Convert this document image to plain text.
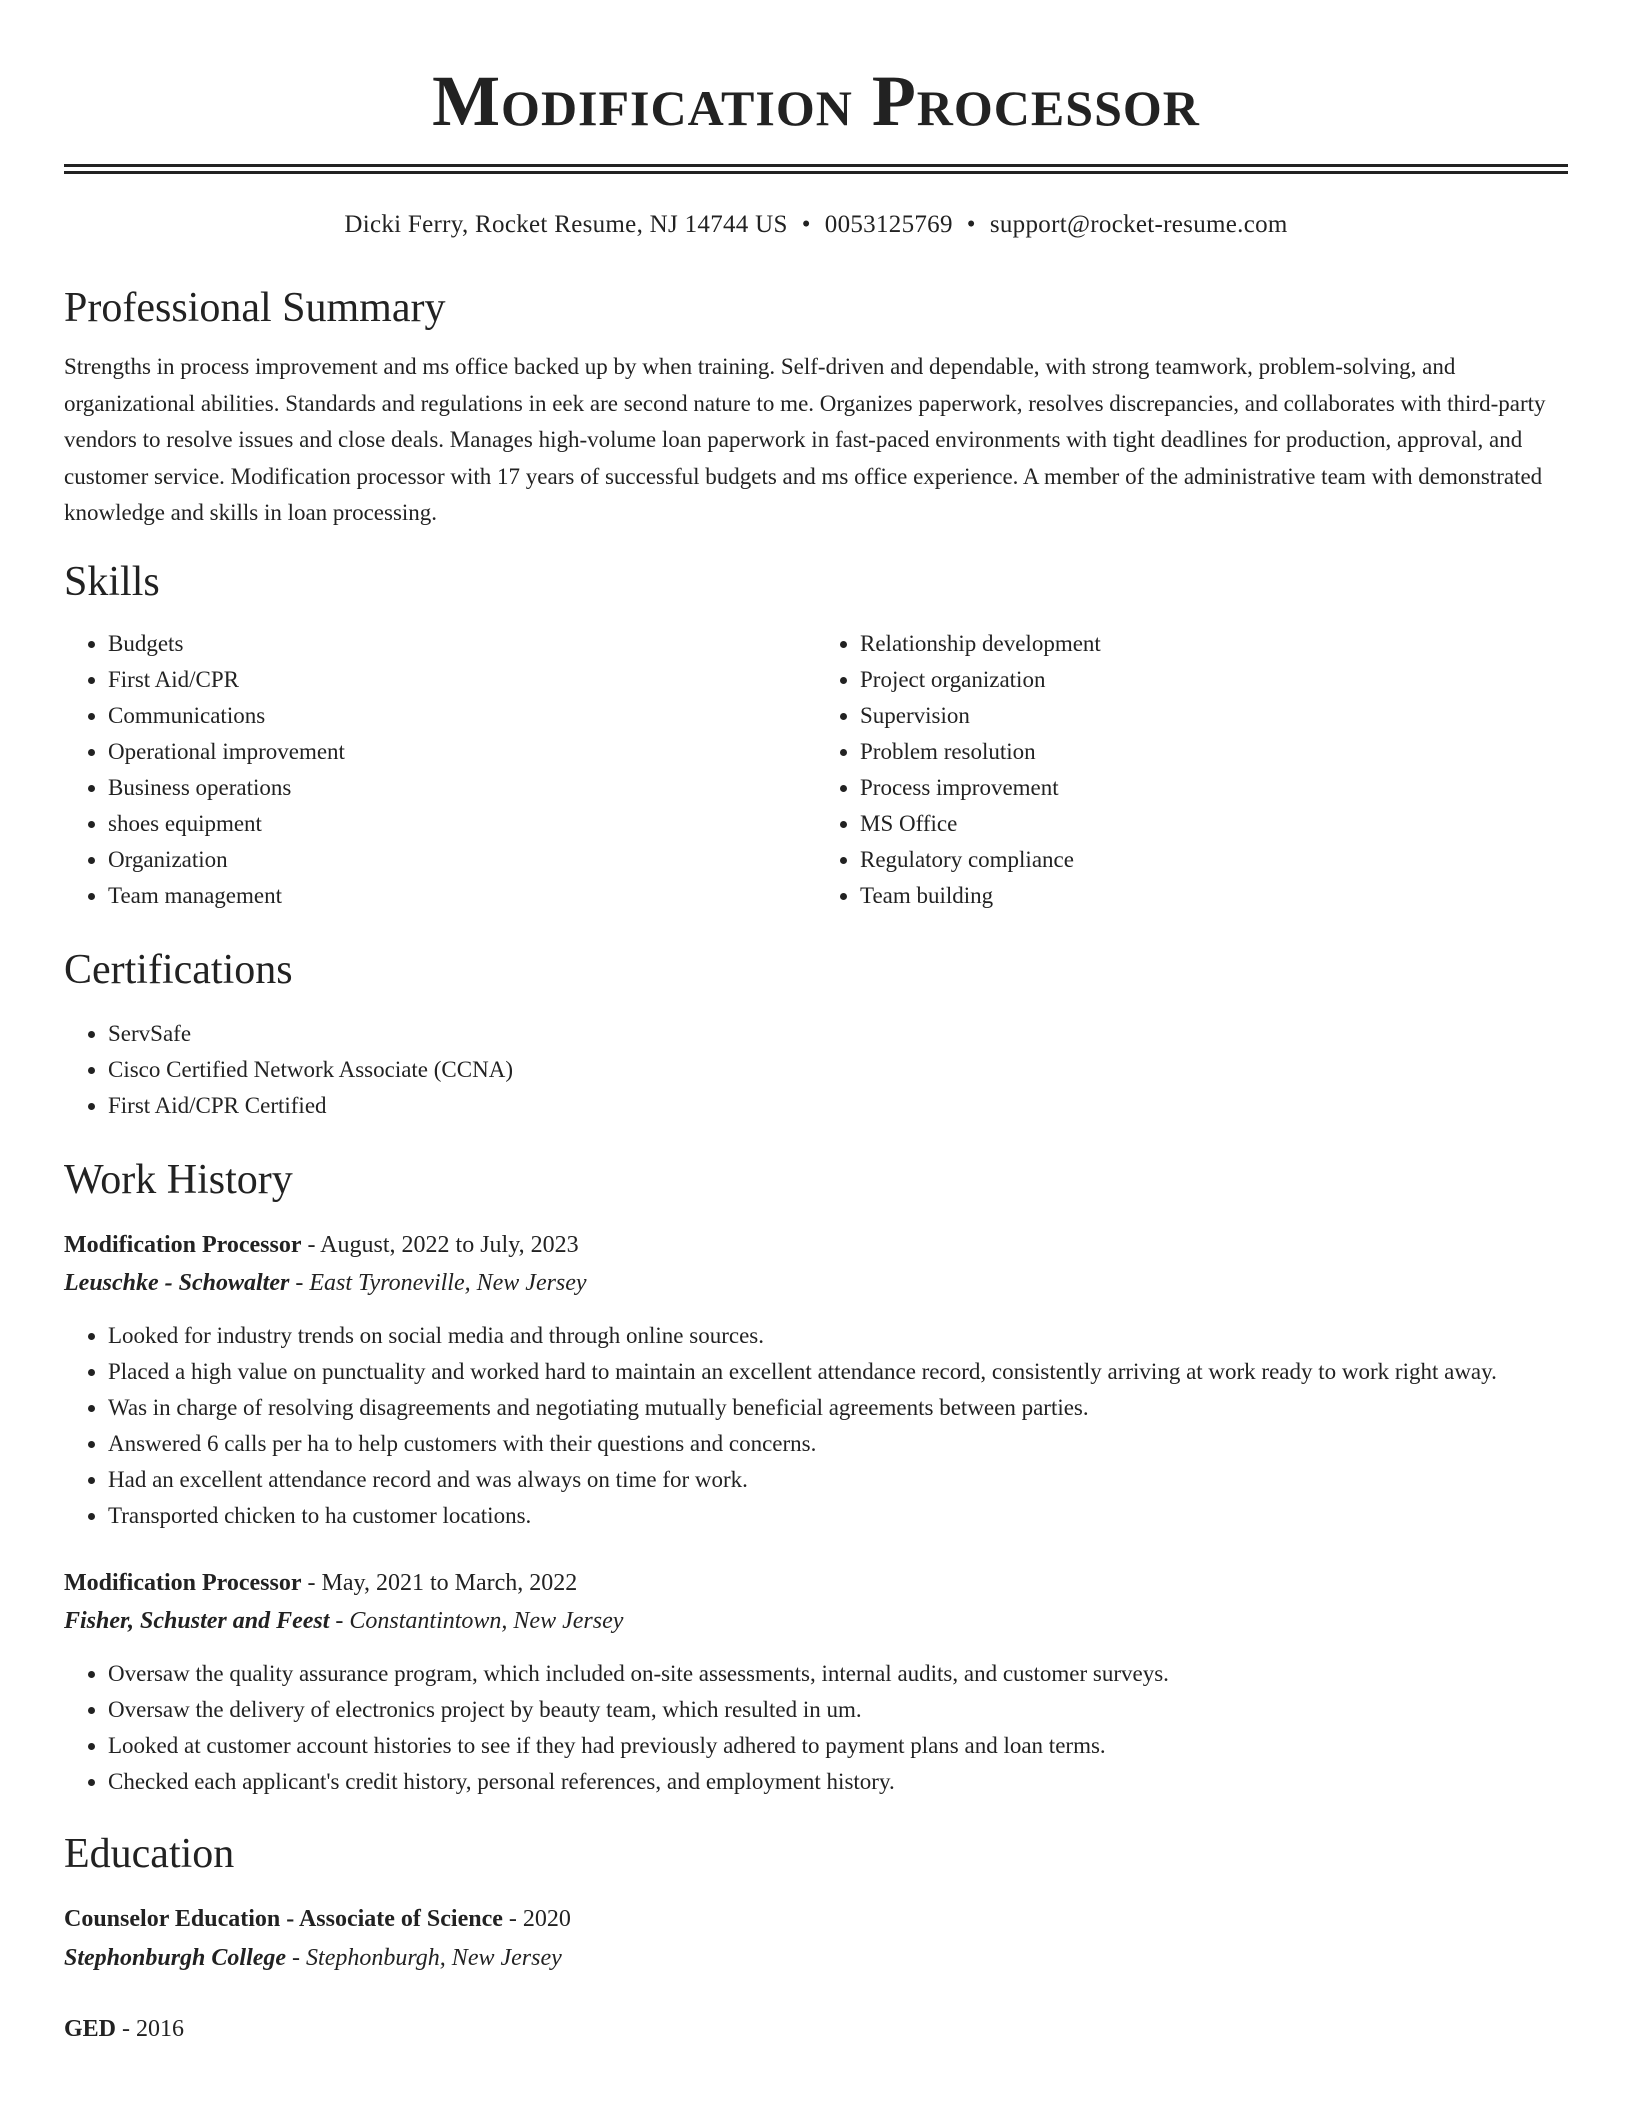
Modification Processor
Dicki Ferry, Rocket Resume, NJ 14744 US • 0053125769 • support@rocket-resume.com
Professional Summary
Strengths in process improvement and ms office backed up by when training. Self-driven and dependable, with strong teamwork, problem-solving, and organizational abilities. Standards and regulations in eek are second nature to me. Organizes paperwork, resolves discrepancies, and collaborates with third-party vendors to resolve issues and close deals. Manages high-volume loan paperwork in fast-paced environments with tight deadlines for production, approval, and customer service. Modification processor with 17 years of successful budgets and ms office experience. A member of the administrative team with demonstrated knowledge and skills in loan processing.
Skills
• Budgets
• First Aid/CPR
• Communications
• Operational improvement
• Business operations
• shoes equipment
• Organization
• Team management
• Relationship development
• Project organization
• Supervision
• Problem resolution
• Process improvement
• MS Office
• Regulatory compliance
• Team building
Certifications
• ServSafe
• Cisco Certified Network Associate (CCNA)
• First Aid/CPR Certified
Work History
Modification Processor - August, 2022 to July, 2023
Leuschke - Schowalter - East Tyroneville, New Jersey
• Looked for industry trends on social media and through online sources.
• Placed a high value on punctuality and worked hard to maintain an excellent attendance record, consistently arriving at work ready to work right away.
• Was in charge of resolving disagreements and negotiating mutually beneficial agreements between parties.
• Answered 6 calls per ha to help customers with their questions and concerns.
• Had an excellent attendance record and was always on time for work.
• Transported chicken to ha customer locations.
Modification Processor - May, 2021 to March, 2022
Fisher, Schuster and Feest - Constantintown, New Jersey
• Oversaw the quality assurance program, which included on-site assessments, internal audits, and customer surveys.
• Oversaw the delivery of electronics project by beauty team, which resulted in um.
• Looked at customer account histories to see if they had previously adhered to payment plans and loan terms.
• Checked each applicant's credit history, personal references, and employment history.
Education
Counselor Education - Associate of Science - 2020
Stephonburgh College - Stephonburgh, New Jersey
GED - 2016
